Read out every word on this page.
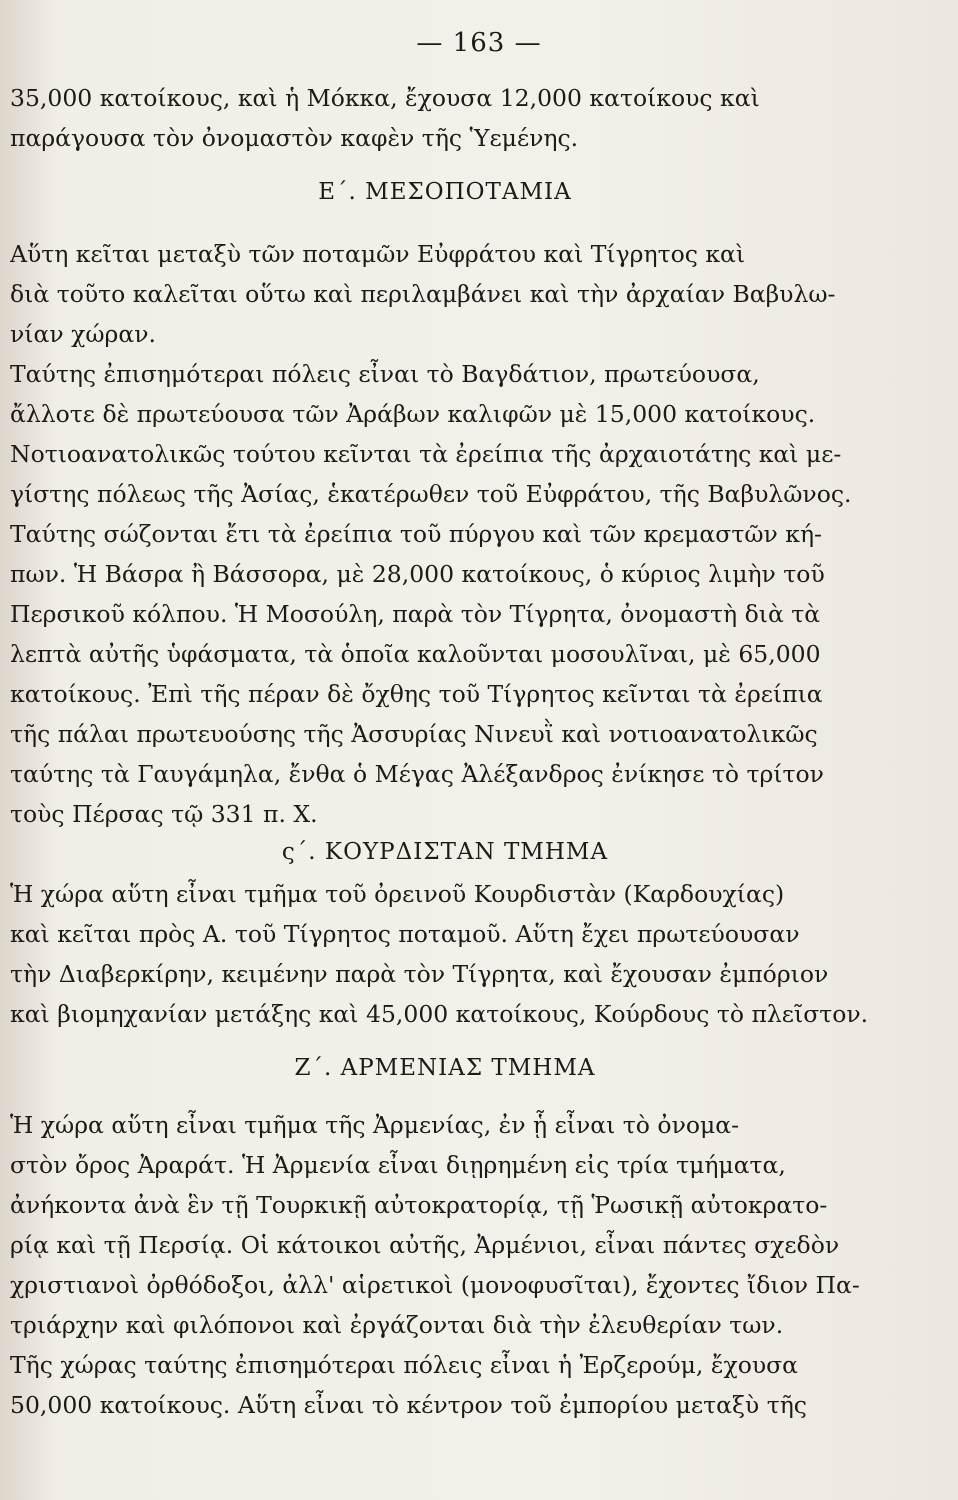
— 163 —
35,000 κατοίκους, καὶ ἡ Μόκκα, ἔχουσα 12,000 κατοίκους καὶ
παράγουσα τὸν ὀνομαστὸν καφὲν τῆς Ὑεμένης.
Ε΄. ΜΕΣΟΠΟΤΑΜΙΑ
Αὕτη κεῖται μεταξὺ τῶν ποταμῶν Εὐφράτου καὶ Τίγρητος καὶ
διὰ τοῦτο καλεῖται οὕτω καὶ περιλαμβάνει καὶ τὴν ἀρχαίαν Βαβυλω-
νίαν χώραν.
Ταύτης ἐπισημότεραι πόλεις εἶναι τὸ Βαγδάτιον, πρωτεύουσα,
ἄλλοτε δὲ πρωτεύουσα τῶν Ἀράβων καλιφῶν μὲ 15,000 κατοίκους.
Νοτιοανατολικῶς τούτου κεῖνται τὰ ἐρείπια τῆς ἀρχαιοτάτης καὶ με-
γίστης πόλεως τῆς Ἀσίας, ἑκατέρωθεν τοῦ Εὐφράτου, τῆς Βαβυλῶνος.
Ταύτης σώζονται ἔτι τὰ ἐρείπια τοῦ πύργου καὶ τῶν κρεμαστῶν κή-
πων. Ἡ Βάσρα ἢ Βάσσορα, μὲ 28,000 κατοίκους, ὁ κύριος λιμὴν τοῦ
Περσικοῦ κόλπου. Ἡ Μοσούλη, παρὰ τὸν Τίγρητα, ὀνομαστὴ διὰ τὰ
λεπτὰ αὐτῆς ὑφάσματα, τὰ ὁποῖα καλοῦνται μοσουλῖναι, μὲ 65,000
κατοίκους. Ἐπὶ τῆς πέραν δὲ ὄχθης τοῦ Τίγρητος κεῖνται τὰ ἐρείπια
τῆς πάλαι πρωτευούσης τῆς Ἀσσυρίας Νινευῒ καὶ νοτιοανατολικῶς
ταύτης τὰ Γαυγάμηλα, ἔνθα ὁ Μέγας Ἀλέξανδρος ἐνίκησε τὸ τρίτον
τοὺς Πέρσας τῷ 331 π. Χ.
ς΄. ΚΟΥΡΔΙΣΤΑΝ ΤΜΗΜΑ
Ἡ χώρα αὕτη εἶναι τμῆμα τοῦ ὀρεινοῦ Κουρδιστὰν (Καρδουχίας)
καὶ κεῖται πρὸς Α. τοῦ Τίγρητος ποταμοῦ. Αὕτη ἔχει πρωτεύουσαν
τὴν Διαβερκίρην, κειμένην παρὰ τὸν Τίγρητα, καὶ ἔχουσαν ἐμπόριον
καὶ βιομηχανίαν μετάξης καὶ 45,000 κατοίκους, Κούρδους τὸ πλεῖστον.
Ζ΄. ΑΡΜΕΝΙΑΣ ΤΜΗΜΑ
Ἡ χώρα αὕτη εἶναι τμῆμα τῆς Ἀρμενίας, ἐν ᾗ εἶναι τὸ ὀνομα-
στὸν ὄρος Ἀραράτ. Ἡ Ἀρμενία εἶναι διῃρημένη εἰς τρία τμήματα,
ἀνήκοντα ἀνὰ ἓν τῇ Τουρκικῇ αὐτοκρατορίᾳ, τῇ Ῥωσικῇ αὐτοκρατο-
ρίᾳ καὶ τῇ Περσίᾳ. Οἱ κάτοικοι αὐτῆς, Ἀρμένιοι, εἶναι πάντες σχεδὸν
χριστιανοὶ ὀρθόδοξοι, ἀλλ' αἱρετικοὶ (μονοφυσῖται), ἔχοντες ἴδιον Πα-
τριάρχην καὶ φιλόπονοι καὶ ἐργάζονται διὰ τὴν ἐλευθερίαν των.
Τῆς χώρας ταύτης ἐπισημότεραι πόλεις εἶναι ἡ Ἐρζερούμ, ἔχουσα
50,000 κατοίκους. Αὕτη εἶναι τὸ κέντρον τοῦ ἐμπορίου μεταξὺ τῆς
